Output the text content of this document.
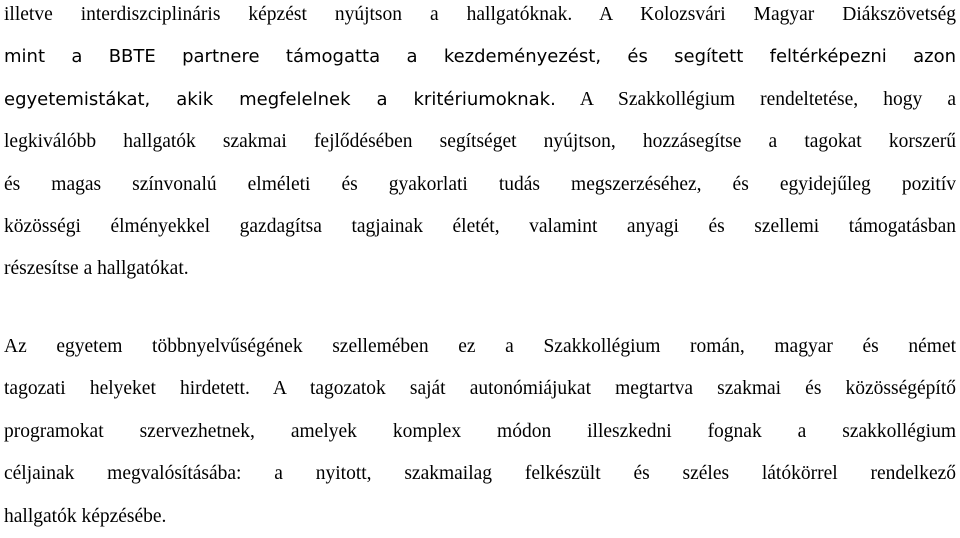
illetve interdiszciplináris képzést nyújtson a hallgatóknak. A Kolozsvári Magyar Diákszövetség
mint a BBTE partnere támogatta a kezdeményezést, és segített feltérképezni azon
egyetemistákat, akik megfelelnek a kritériumoknak. A Szakkollégium rendeltetése, hogy a
legkiválóbb hallgatók szakmai fejlődésében segítséget nyújtson, hozzásegítse a tagokat korszerű
és magas színvonalú elméleti és gyakorlati tudás megszerzéséhez, és egyidejűleg pozitív
közösségi élményekkel gazdagítsa tagjainak életét, valamint anyagi és szellemi támogatásban
részesítse a hallgatókat.
Az egyetem többnyelvűségének szellemében ez a Szakkollégium román, magyar és német
tagozati helyeket hirdetett. A tagozatok saját autonómiájukat megtartva szakmai és közösségépítő
programokat szervezhetnek, amelyek komplex módon illeszkedni fognak a szakkollégium
céljainak megvalósításába: a nyitott, szakmailag felkészült és széles látókörrel rendelkező
hallgatók képzésébe.
